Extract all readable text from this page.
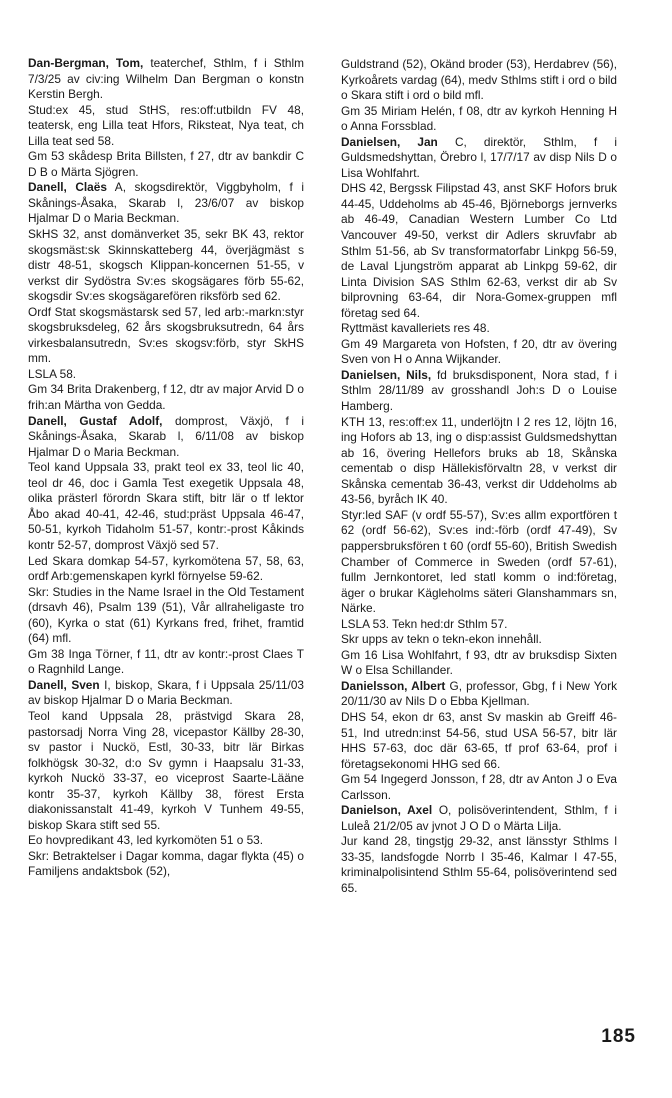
Dan-Bergman, Tom, teaterchef, Sthlm, f i Sthlm 7/3/25 av civ:ing Wilhelm Dan Bergman o konstn Kerstin Bergh.

Stud:ex 45, stud StHS, res:off:utbildn FV 48, teatersk, eng Lilla teat Hfors, Riksteat, Nya teat, ch Lilla teat sed 58.

Gm 53 skådesp Brita Billsten, f 27, dtr av bankdir C D B o Märta Sjögren.

Danell, Claës A, skogsdirektör, Viggbyholm, f i Skånings-Åsaka, Skarab l, 23/6/07 av biskop Hjalmar D o Maria Beckman.

SkHS 32, anst domänverket 35, sekr BK 43, rektor skogsmäst:sk Skinnskatteberg 44, överjägmäst s distr 48-51, skogsch Klippan-koncernen 51-55, v verkst dir Sydöstra Sv:es skogsägares förb 55-62, skogsdir Sv:es skogsägarefören riksförb sed 62.

Ordf Stat skogsmästarsk sed 57, led arb:-markn:styr skogsbruksdeleg, 62 års skogsbruksutredn, 64 års virkesbalansutredn, Sv:es skogsv:förb, styr SkHS mm.

LSLA 58.

Gm 34 Brita Drakenberg, f 12, dtr av major Arvid D o frih:an Märtha von Gedda.

Danell, Gustaf Adolf, domprost, Växjö, f i Skånings-Åsaka, Skarab l, 6/11/08 av biskop Hjalmar D o Maria Beckman.

Teol kand Uppsala 33, prakt teol ex 33, teol lic 40, teol dr 46, doc i Gamla Test exegetik Uppsala 48, olika prästerl förordn Skara stift, bitr lär o tf lektor Åbo akad 40-41, 42-46, stud:präst Uppsala 46-47, 50-51, kyrkoh Tidaholm 51-57, kontr:-prost Kåkinds kontr 52-57, domprost Växjö sed 57.

Led Skara domkap 54-57, kyrkomötena 57, 58, 63, ordf Arb:gemenskapen kyrkl förnyelse 59-62.

Skr: Studies in the Name Israel in the Old Testament (drsavh 46), Psalm 139 (51), Vår allraheligaste tro (60), Kyrka o stat (61) Kyrkans fred, frihet, framtid (64) mfl.

Gm 38 Inga Törner, f 11, dtr av kontr:-prost Claes T o Ragnhild Lange.

Danell, Sven I, biskop, Skara, f i Uppsala 25/11/03 av biskop Hjalmar D o Maria Beckman.

Teol kand Uppsala 28, prästvigd Skara 28, pastorsadj Norra Ving 28, vicepastor Källby 28-30, sv pastor i Nuckö, Estl, 30-33, bitr lär Birkas folkhögsk 30-32, d:o Sv gymn i Haapsalu 31-33, kyrkoh Nuckö 33-37, eo viceprost Saarte-Lääne kontr 35-37, kyrkoh Källby 38, förest Ersta diakonissanstalt 41-49, kyrkoh V Tunhem 49-55, biskop Skara stift sed 55.

Eo hovpredikant 43, led kyrkomöten 51 o 53.

Skr: Betraktelser i Dagar komma, dagar flykta (45) o Familjens andaktsbok (52),

Guldstrand (52), Okänd broder (53), Herdabrev (56), Kyrkoårets vardag (64), medv Sthlms stift i ord o bild o Skara stift i ord o bild mfl.

Gm 35 Miriam Helén, f 08, dtr av kyrkoh Henning H o Anna Forssblad.

Danielsen, Jan C, direktör, Sthlm, f i Guldsmedshyttan, Örebro l, 17/7/17 av disp Nils D o Lisa Wohlfahrt.

DHS 42, Bergssk Filipstad 43, anst SKF Hofors bruk 44-45, Uddeholms ab 45-46, Björneborgs jernverks ab 46-49, Canadian Western Lumber Co Ltd Vancouver 49-50, verkst dir Adlers skruvfabr ab Sthlm 51-56, ab Sv transformatorfabr Linkpg 56-59, de Laval Ljungström apparat ab Linkpg 59-62, dir Linta Division SAS Sthlm 62-63, verkst dir ab Sv bilprovning 63-64, dir Nora-Gomex-gruppen mfl företag sed 64.

Ryttmäst kavalleriets res 48.

Gm 49 Margareta von Hofsten, f 20, dtr av övering Sven von H o Anna Wijkander.

Danielsen, Nils, fd bruksdisponent, Nora stad, f i Sthlm 28/11/89 av grosshandl Joh:s D o Louise Hamberg.

KTH 13, res:off:ex 11, underlöjtn I 2 res 12, löjtn 16, ing Hofors ab 13, ing o disp:assist Guldsmedshyttan ab 16, övering Hellefors bruks ab 18, Skånska cementab o disp Hällekisförvaltn 28, v verkst dir Skånska cementab 36-43, verkst dir Uddeholms ab 43-56, byråch IK 40.

Styr:led SAF (v ordf 55-57), Sv:es allm exportfören t 62 (ordf 56-62), Sv:es ind:-förb (ordf 47-49), Sv pappersbruksfören t 60 (ordf 55-60), British Swedish Chamber of Commerce in Sweden (ordf 57-61), fullm Jernkontoret, led statl komm o ind:företag, äger o brukar Kägleholms säteri Glanshammars sn, Närke.

LSLA 53. Tekn hed:dr Sthlm 57.

Skr upps av tekn o tekn-ekon innehåll.

Gm 16 Lisa Wohlfahrt, f 93, dtr av bruksdisp Sixten W o Elsa Schillander.

Danielsson, Albert G, professor, Gbg, f i New York 20/11/30 av Nils D o Ebba Kjellman.

DHS 54, ekon dr 63, anst Sv maskin ab Greiff 46-51, Ind utredn:inst 54-56, stud USA 56-57, bitr lär HHS 57-63, doc där 63-65, tf prof 63-64, prof i företagsekonomi HHG sed 66.

Gm 54 Ingegerd Jonsson, f 28, dtr av Anton J o Eva Carlsson.

Danielson, Axel O, polisöverintendent, Sthlm, f i Luleå 21/2/05 av jvnot J O D o Märta Lilja.

Jur kand 28, tingstjg 29-32, anst länsstyr Sthlms l 33-35, landsfogde Norrb l 35-46, Kalmar l 47-55, kriminalpolisintend Sthlm 55-64, polisöverintend sed 65.

185
